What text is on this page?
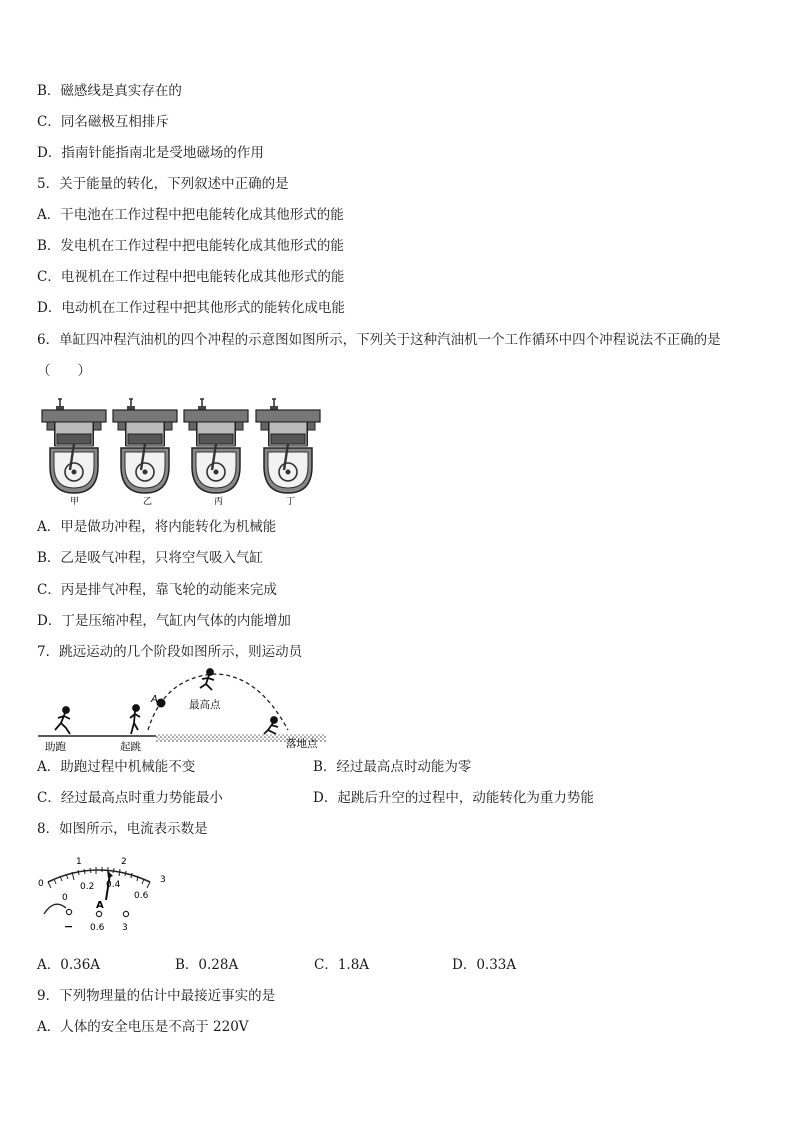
B．磁感线是真实存在的
C．同名磁极互相排斥
D．指南针能指南北是受地磁场的作用
5．关于能量的转化，下列叙述中正确的是
A．干电池在工作过程中把电能转化成其他形式的能
B．发电机在工作过程中把电能转化成其他形式的能
C．电视机在工作过程中把电能转化成其他形式的能
D．电动机在工作过程中把其他形式的能转化成电能
6．单缸四冲程汽油机的四个冲程的示意图如图所示，下列关于这种汽油机一个工作循环中四个冲程说法不正确的是
（　　）
甲	乙	丙	丁
A．甲是做功冲程，将内能转化为机械能
B．乙是吸气冲程，只将空气吸入气缸
C．丙是排气冲程，靠飞轮的动能来完成
D．丁是压缩冲程，气缸内气体的内能增加
7．跳远运动的几个阶段如图所示，则运动员
A	最高点
助跑	起跳	落地点
A．助跑过程中机械能不变	B．经过最高点时动能为零
C．经过最高点时重力势能最小	D．起跳后升空的过程中，动能转化为重力势能
8．如图所示，电流表示数是
0
1	2
3
0
0.2 0.4
0.6
A
− 0.6 3
A．0.36A	B．0.28A	C．1.8A	D．0.33A
9．下列物理量的估计中最接近事实的是
A．人体的安全电压是不高于 220V
